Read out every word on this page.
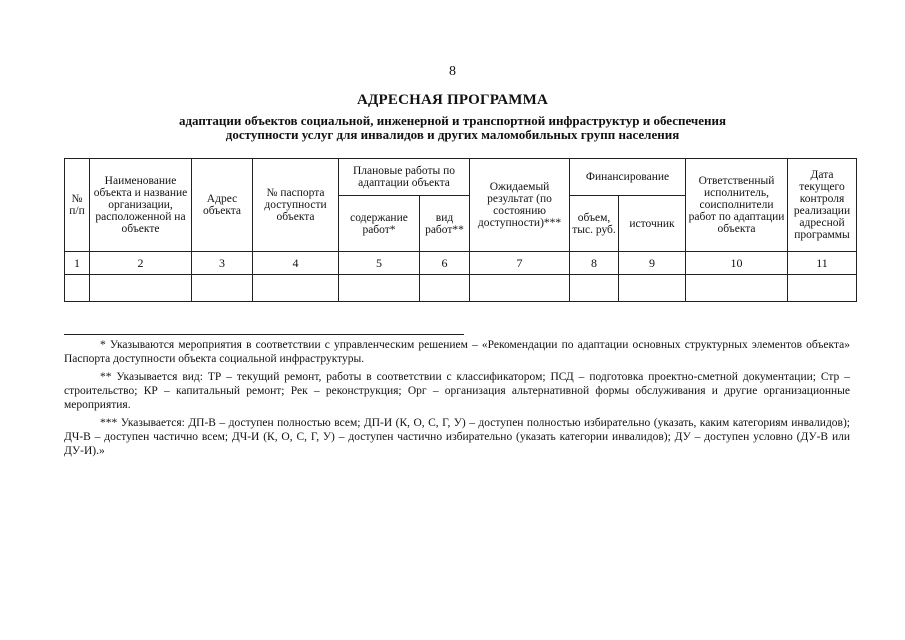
8
АДРЕСНАЯ ПРОГРАММА
адаптации объектов социальной, инженерной и транспортной инфраструктур и обеспечения
доступности услуг для инвалидов и других маломобильных групп населения
№ п/п	Наименование объекта и название организации, расположенной на объекте	Адрес объекта	№ паспорта доступности объекта	Плановые работы по адаптации объекта		Ожидаемый результат (по состоянию доступности)***	Финансирование		Ответственный исполнитель, соисполнители работ по адаптации объекта	Дата текущего контроля реализации адресной программы
				содержание работ*	вид работ**		объем, тыс. руб.	источник		
1	2	3	4	5	6	7	8	9	10	11

* Указываются мероприятия в соответствии с управленческим решением – «Рекомендации по адаптации основных структурных элементов объекта» Паспорта доступности объекта социальной инфраструктуры.

** Указывается вид: ТР – текущий ремонт, работы в соответствии с классификатором; ПСД – подготовка проектно-сметной документации; Стр – строительство; КР – капитальный ремонт; Рек – реконструкция; Орг – организация альтернативной формы обслуживания и другие организационные мероприятия.

*** Указывается: ДП-В – доступен полностью всем; ДП-И (К, О, С, Г, У) – доступен полностью избирательно (указать, каким категориям инвалидов); ДЧ-В – доступен частично всем; ДЧ-И (К, О, С, Г, У) – доступен частично избирательно (указать категории инвалидов); ДУ – доступен условно (ДУ-В или ДУ-И).»
